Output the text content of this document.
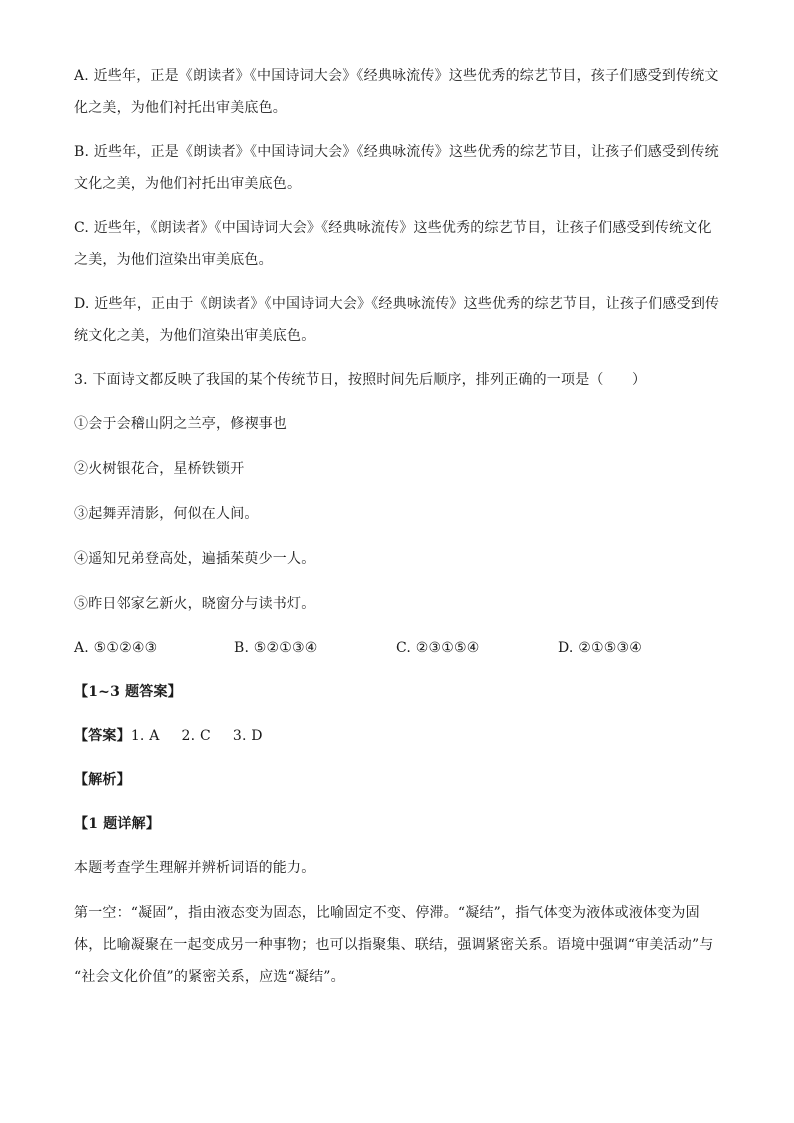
A. 近些年，正是《朗读者》《中国诗词大会》《经典咏流传》这些优秀的综艺节目，孩子们感受到传统文
化之美，为他们衬托出审美底色。
B. 近些年，正是《朗读者》《中国诗词大会》《经典咏流传》这些优秀的综艺节目，让孩子们感受到传统
文化之美，为他们衬托出审美底色。
C. 近些年，《朗读者》《中国诗词大会》《经典咏流传》这些优秀的综艺节目，让孩子们感受到传统文化
之美，为他们渲染出审美底色。
D. 近些年，正由于《朗读者》《中国诗词大会》《经典咏流传》这些优秀的综艺节目，让孩子们感受到传
统文化之美，为他们渲染出审美底色。
3. 下面诗文都反映了我国的某个传统节日，按照时间先后顺序，排列正确的一项是（　　）
①会于会稽山阴之兰亭，修禊事也
②火树银花合，星桥铁锁开
③起舞弄清影，何似在人间。
④遥知兄弟登高处，遍插茱萸少一人。
⑤昨日邻家乞新火，晓窗分与读书灯。
A. ⑤①②④③	B. ⑤②①③④	C. ②③①⑤④	D. ②①⑤③④
【1~3 题答案】
【答案】1. A 2. C 3. D
【解析】
【1 题详解】
本题考查学生理解并辨析词语的能力。
第一空：“凝固”，指由液态变为固态，比喻固定不变、停滞。“凝结”，指气体变为液体或液体变为固
体，比喻凝聚在一起变成另一种事物；也可以指聚集、联结，强调紧密关系。语境中强调“审美活动”与
“社会文化价值”的紧密关系，应选“凝结”。
